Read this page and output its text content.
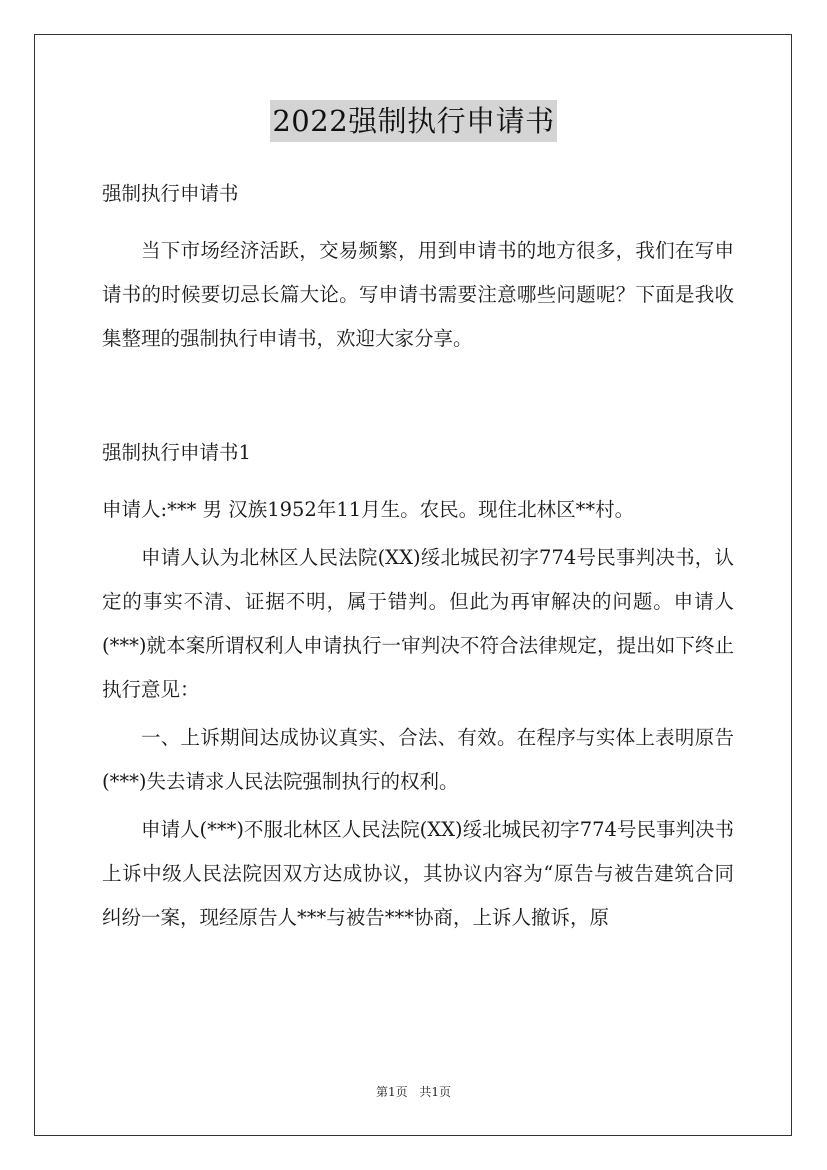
2022强制执行申请书

强制执行申请书

当下市场经济活跃，交易频繁，用到申请书的地方很多，我们在写申请书的时候要切忌长篇大论。写申请书需要注意哪些问题呢？下面是我收集整理的强制执行申请书，欢迎大家分享。

强制执行申请书1

申请人:*** 男 汉族1952年11月生。农民。现住北林区**村。

申请人认为北林区人民法院(XX)绥北城民初字774号民事判决书，认定的事实不清、证据不明，属于错判。但此为再审解决的问题。申请人(***)就本案所谓权利人申请执行一审判决不符合法律规定，提出如下终止执行意见：

一、上诉期间达成协议真实、合法、有效。在程序与实体上表明原告(***)失去请求人民法院强制执行的权利。

申请人(***)不服北林区人民法院(XX)绥北城民初字774号民事判决书上诉中级人民法院因双方达成协议，其协议内容为“原告与被告建筑合同纠纷一案，现经原告人***与被告***协商，上诉人撤诉，原

第1页 共1页
